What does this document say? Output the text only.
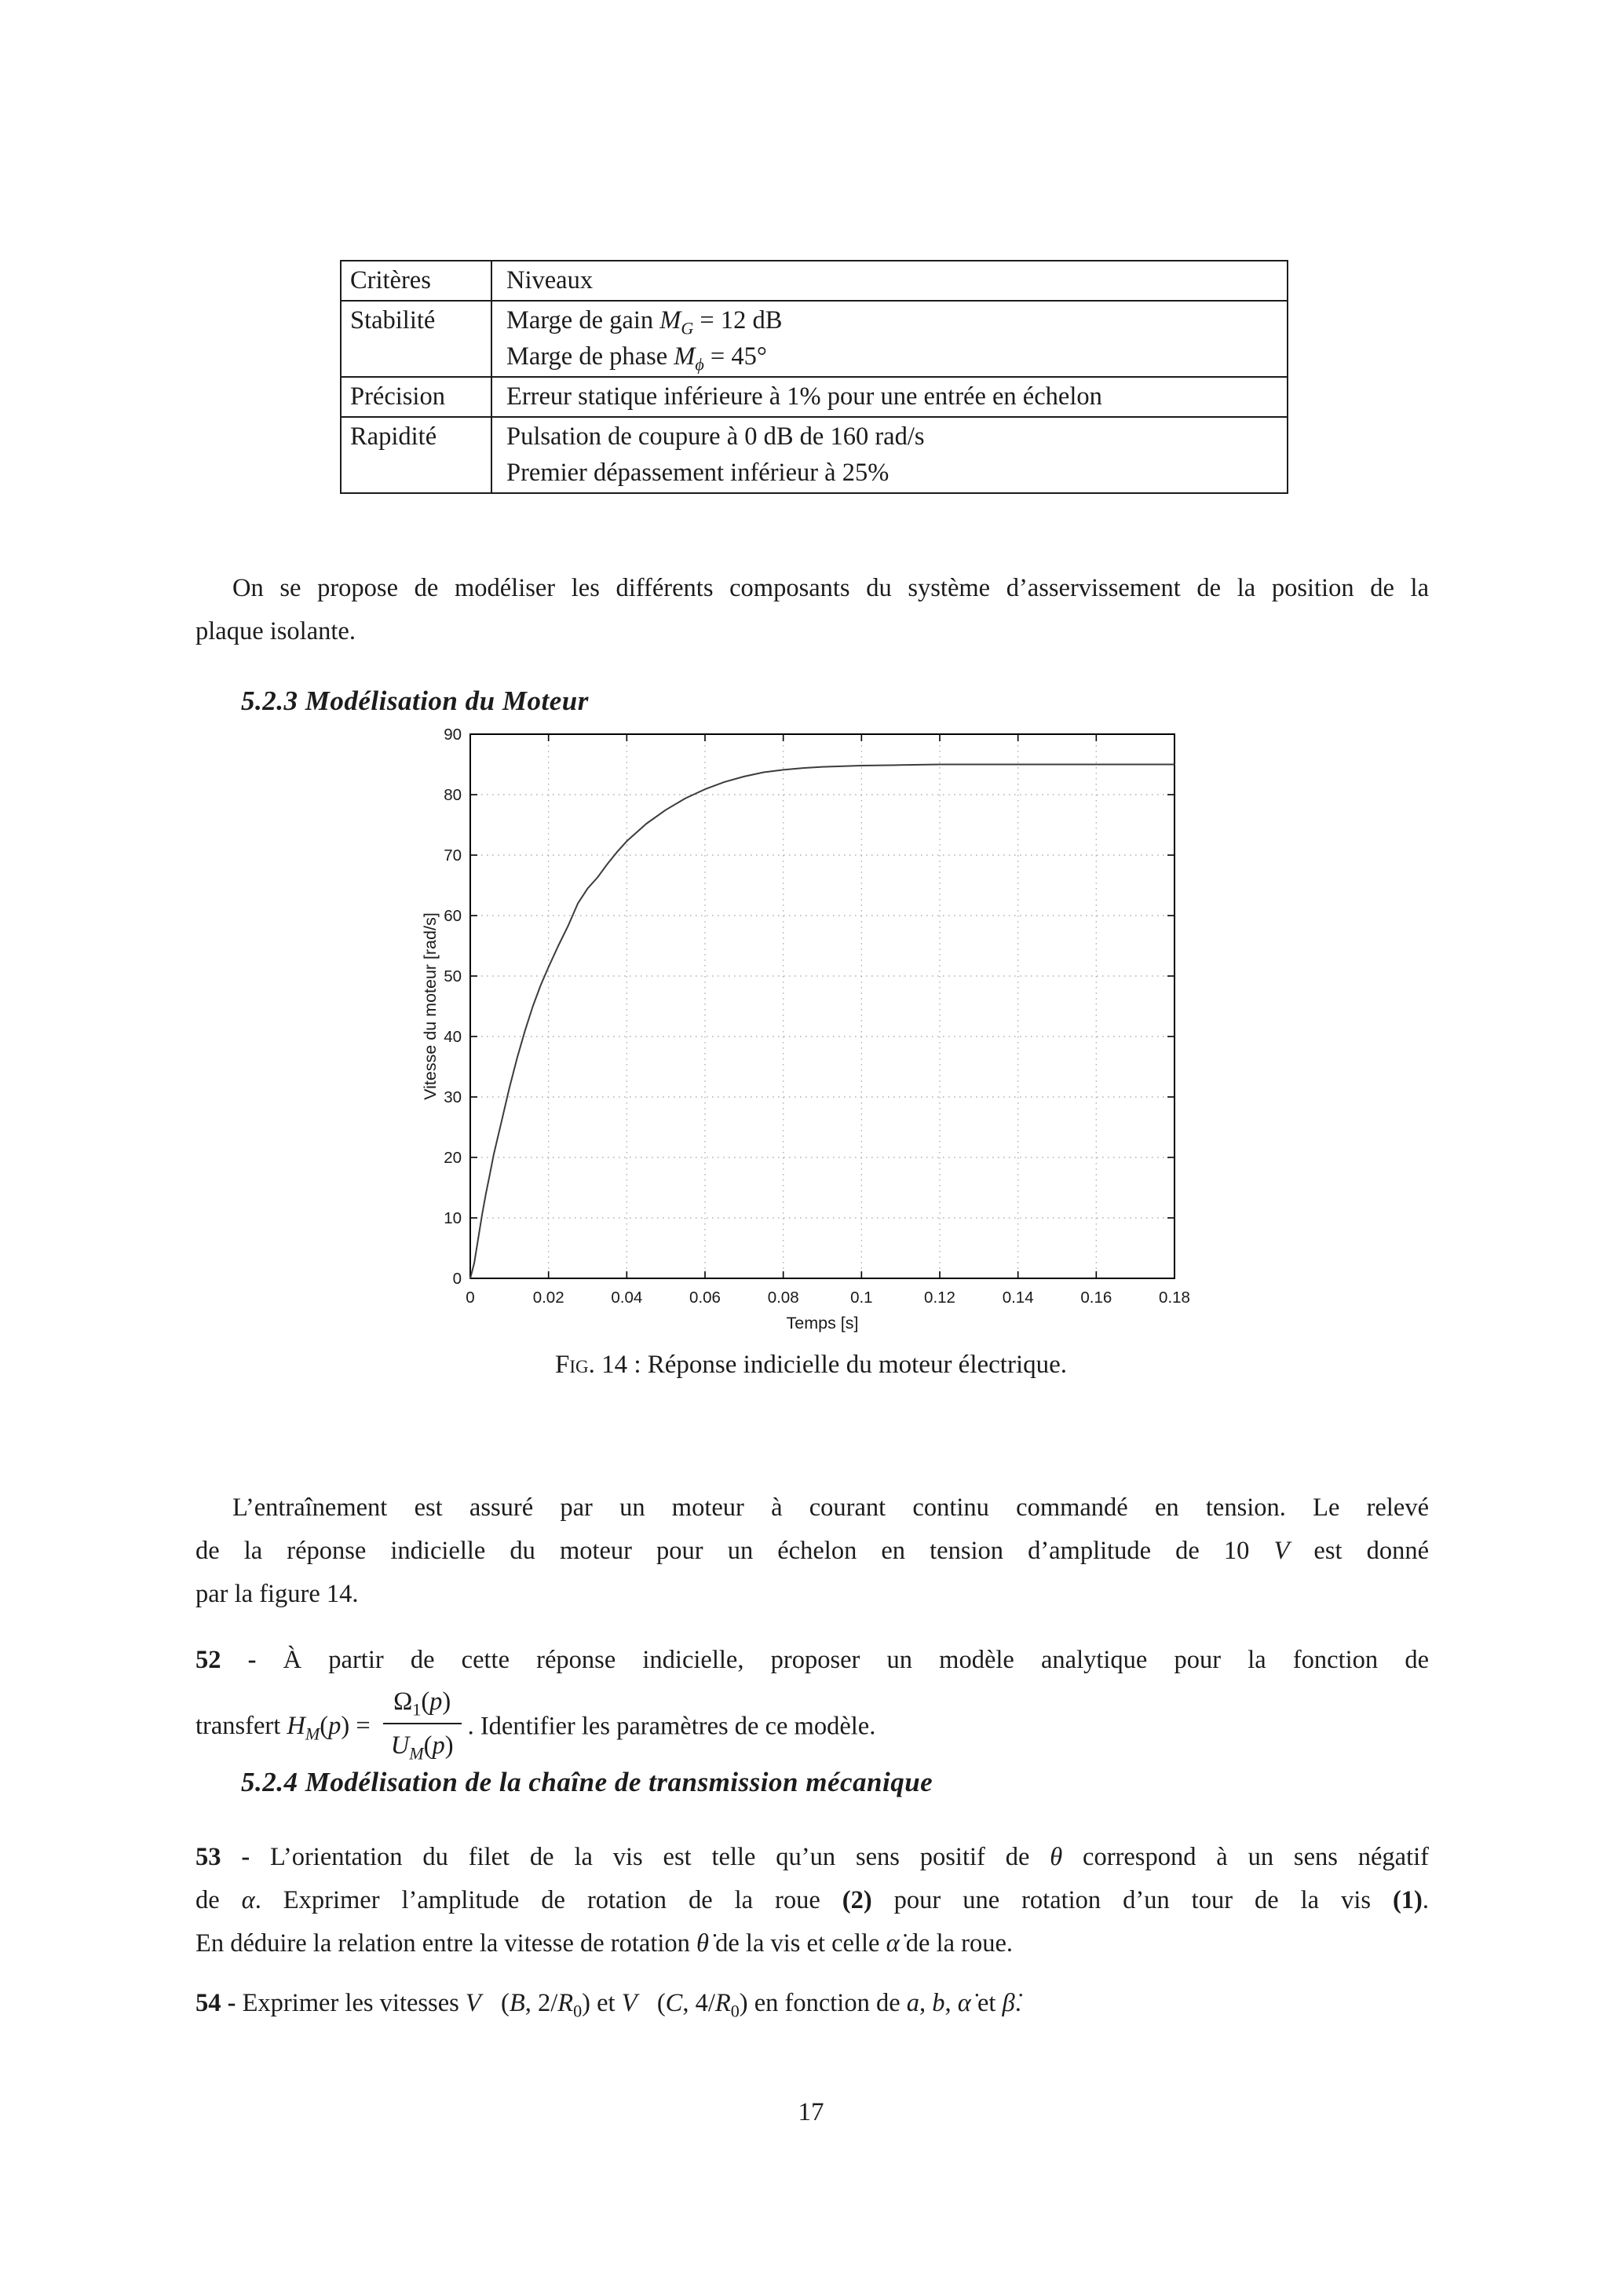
Critères	Niveaux
Stabilité	Marge de gain $M_G = 12$ dB
Marge de phase $M_\phi = 45^\circ$

Précision	Erreur statique inférieure à 1% pour une entrée en échelon

Rapidité	Pulsation de coupure à 0 dB de 160 rad/s
Premier dépassement inférieur à 25%
On se propose de modéliser les différents composants du système d’asservissement de la position de la
plaque isolante.
5.2.3 Modélisation du Moteur
0	0.02	0.04	0.06	0.08	0.1	0.12	0.14	0.16	0.18
0
10
20
30
40
50
60
70
80
90
Temps [s]
Vitesse du moteur [rad/s]
Fig. 14 : Réponse indicielle du moteur électrique.
L’entraînement est assuré par un moteur à courant continu commandé en tension. Le relevé
de la réponse indicielle du moteur pour un échelon en tension d’amplitude de 10 V est donné
par la figure 14.
52 - À partir de cette réponse indicielle, proposer un modèle analytique pour la fonction de
transfert $H_M(p) = \frac{\Omega_1(p)}{U_M(p)}$ . Identifier les paramètres de ce modèle.
5.2.4 Modélisation de la chaîne de transmission mécanique
53 - L’orientation du filet de la vis est telle qu’un sens positif de θ correspond à un sens négatif
de α. Exprimer l’amplitude de rotation de la roue (2) pour une rotation d’un tour de la vis (1).
En déduire la relation entre la vitesse de rotation θ̇ de la vis et celle α̇ de la roue.
54 - Exprimer les vitesses V⃗(B, $2/R_0$) et V⃗(C, $4/R_0$) en fonction de a, b, α̇ et β̇.
17
